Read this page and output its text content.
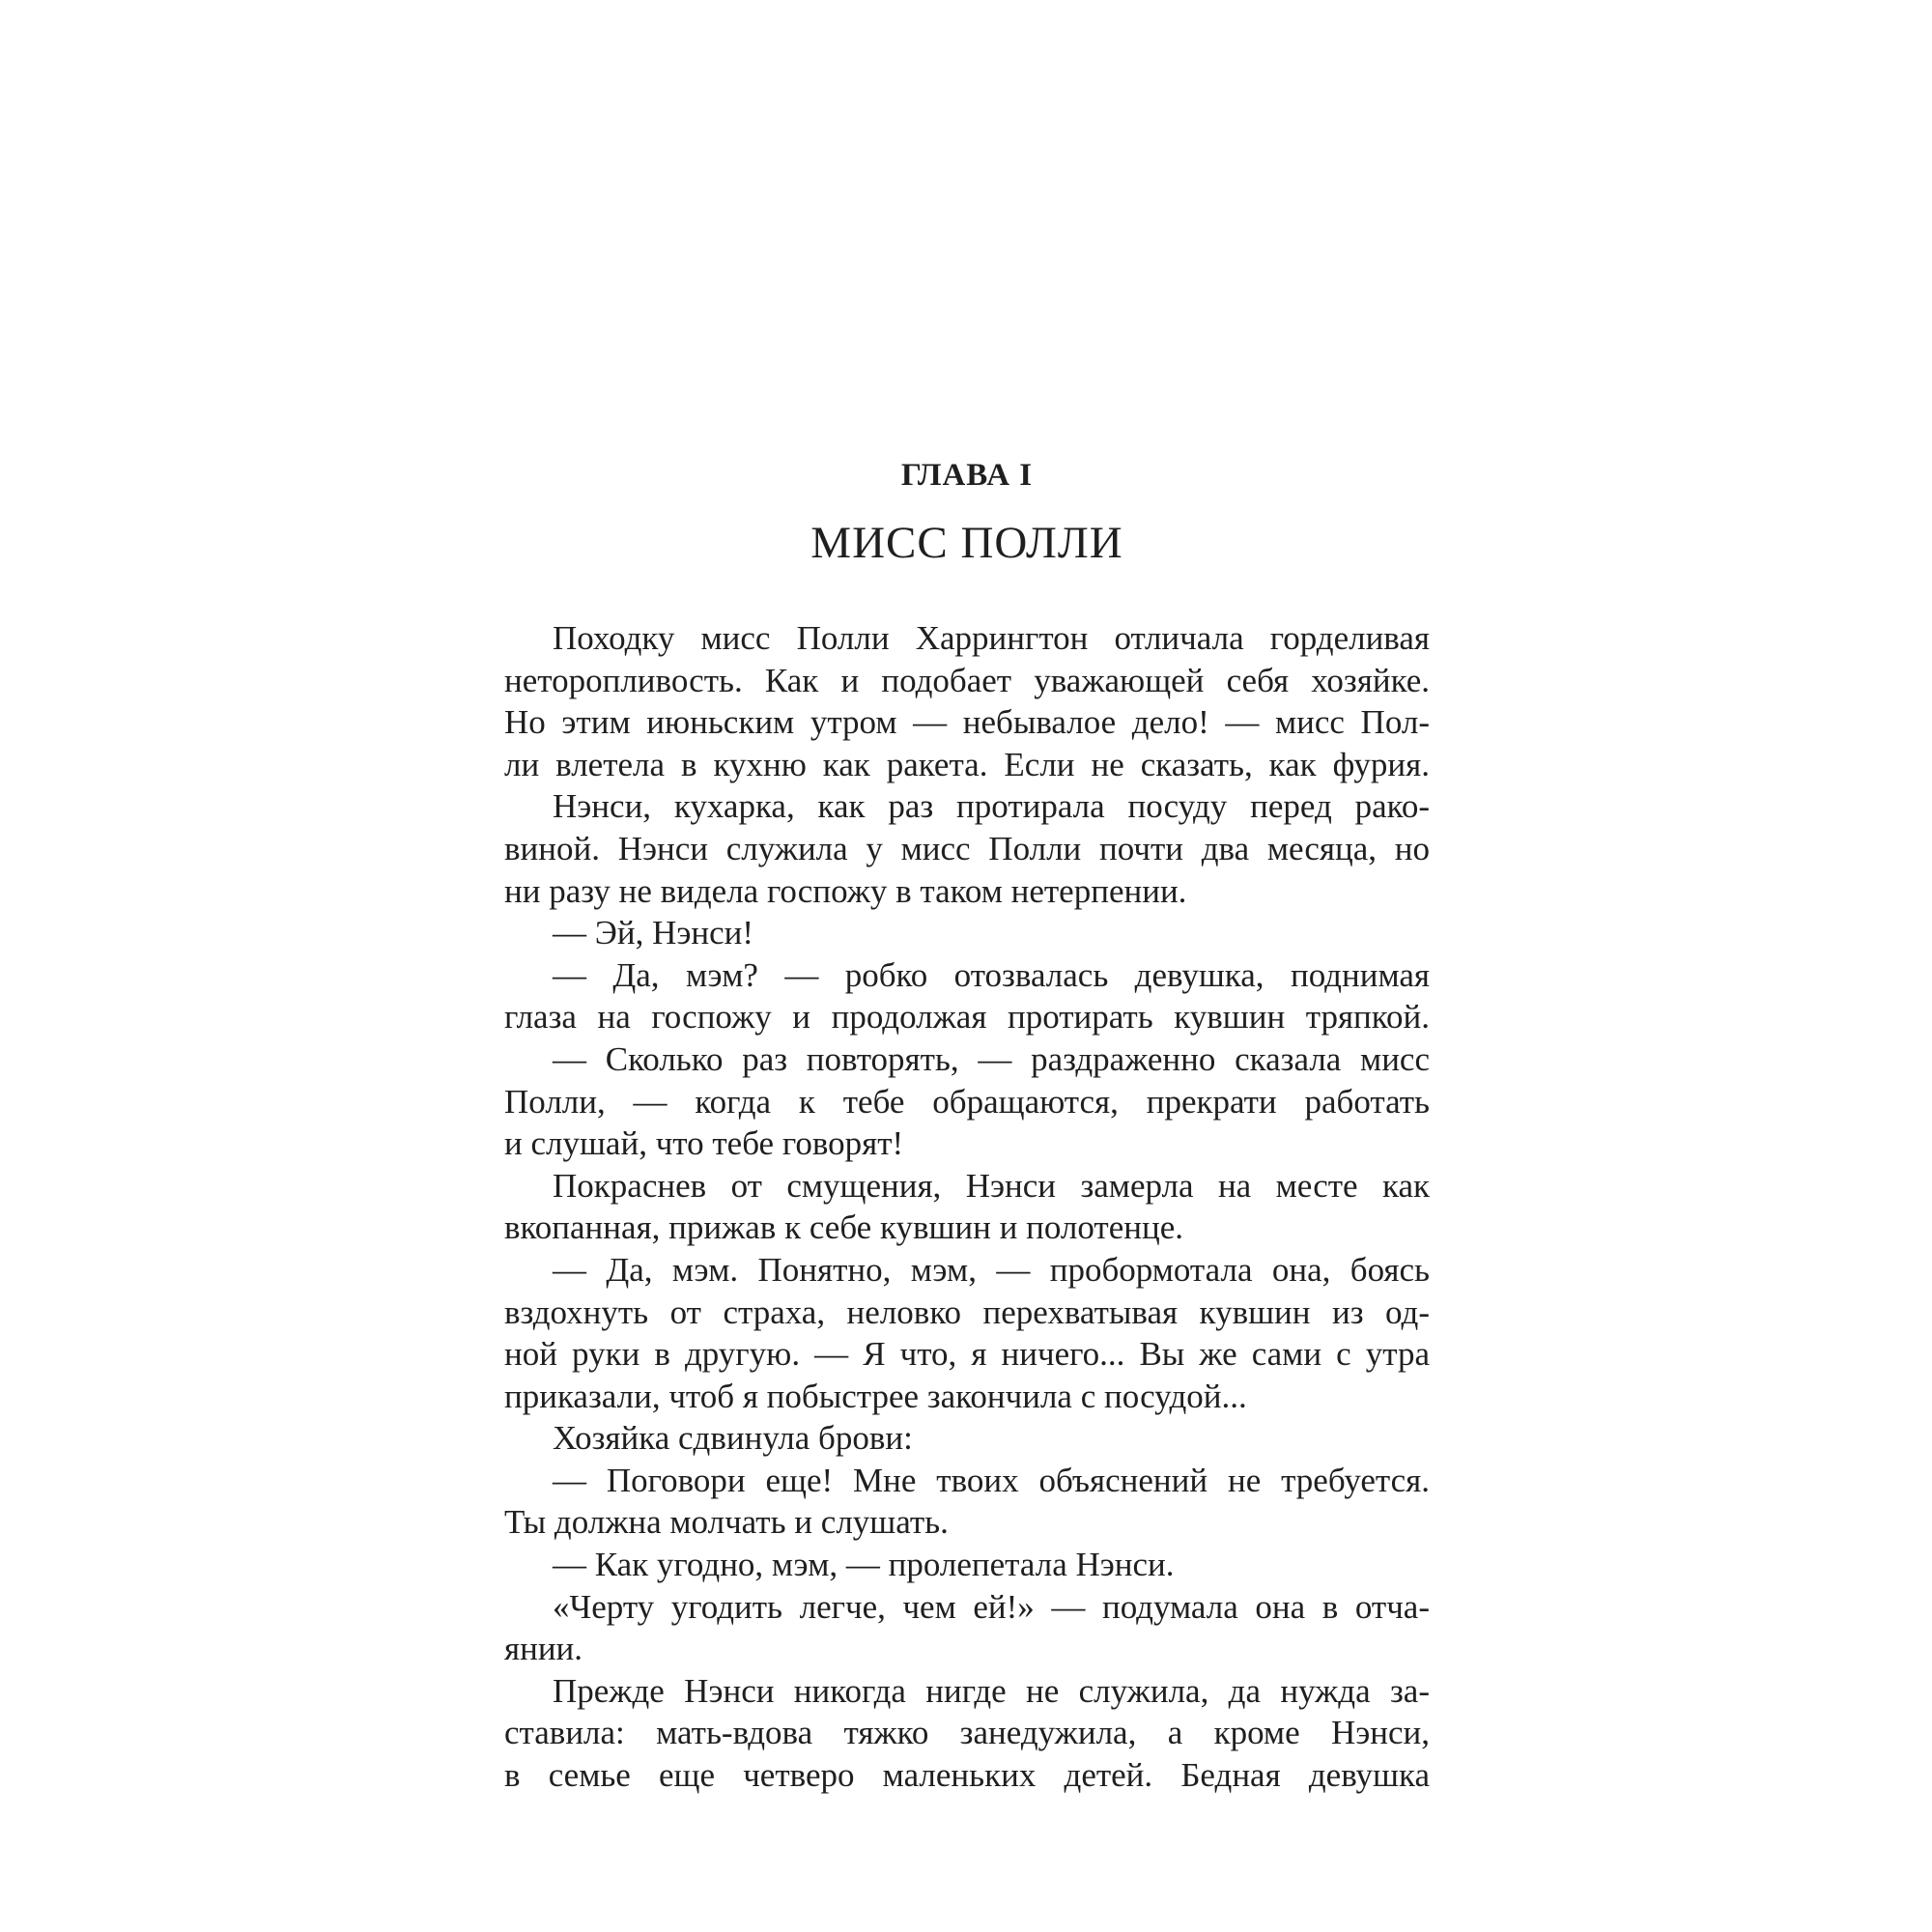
ГЛАВА I
МИСС ПОЛЛИ
Походку мисс Полли Харрингтон отличала горделивая
неторопливость. Как и подобает уважающей себя хозяйке.
Но этим июньским утром — небывалое дело! — мисс Пол-
ли влетела в кухню как ракета. Если не сказать, как фурия.
Нэнси, кухарка, как раз протирала посуду перед рако-
виной. Нэнси служила у мисс Полли почти два месяца, но
ни разу не видела госпожу в таком нетерпении.
— Эй, Нэнси!
— Да, мэм? — робко отозвалась девушка, поднимая
глаза на госпожу и продолжая протирать кувшин тряпкой.
— Сколько раз повторять, — раздраженно сказала мисс
Полли, — когда к тебе обращаются, прекрати работать
и слушай, что тебе говорят!
Покраснев от смущения, Нэнси замерла на месте как
вкопанная, прижав к себе кувшин и полотенце.
— Да, мэм. Понятно, мэм, — пробормотала она, боясь
вздохнуть от страха, неловко перехватывая кувшин из од-
ной руки в другую. — Я что, я ничего... Вы же сами с утра
приказали, чтоб я побыстрее закончила с посудой...
Хозяйка сдвинула брови:
— Поговори еще! Мне твоих объяснений не требуется.
Ты должна молчать и слушать.
— Как угодно, мэм, — пролепетала Нэнси.
«Черту угодить легче, чем ей!» — подумала она в отча-
янии.
Прежде Нэнси никогда нигде не служила, да нужда за-
ставила: мать-вдова тяжко занедужила, а кроме Нэнси,
в семье еще четверо маленьких детей. Бедная девушка
